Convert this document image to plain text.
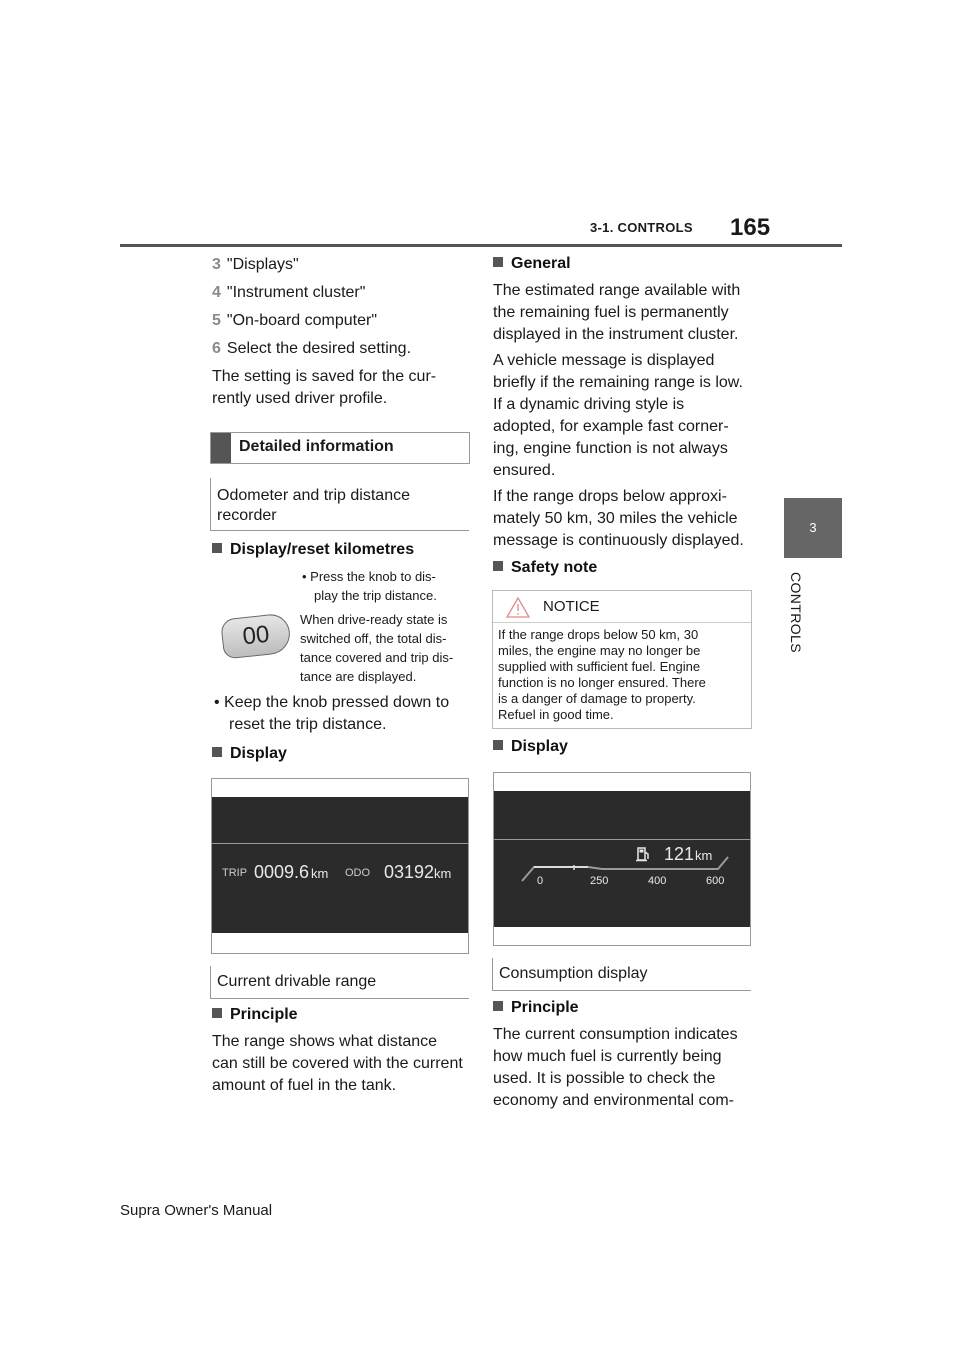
3-1. CONTROLS 165
3
CONTROLS
3 "Displays"
4 "Instrument cluster"
5 "On-board computer"
6 Select the desired setting.
The setting is saved for the cur-
rently used driver profile.
Detailed information
Odometer and trip distance
recorder
Display/reset kilometres
00
• Press the knob to dis-
play the trip distance.
When drive-ready state is
switched off, the total dis-
tance covered and trip dis-
tance are displayed.
• Keep the knob pressed down to
reset the trip distance.
Display
TRIP 0009.6 km ODO 03192 km
Current drivable range
Principle
The range shows what distance
can still be covered with the current
amount of fuel in the tank.
General
The estimated range available with
the remaining fuel is permanently
displayed in the instrument cluster.
A vehicle message is displayed
briefly if the remaining range is low.
If a dynamic driving style is
adopted, for example fast corner-
ing, engine function is not always
ensured.
If the range drops below approxi-
mately 50 km, 30 miles the vehicle
message is continuously displayed.
Safety note
NOTICE
If the range drops below 50 km, 30
miles, the engine may no longer be
supplied with sufficient fuel. Engine
function is no longer ensured. There
is a danger of damage to property.
Refuel in good time.
Display
121 km
0	250	400	600
Consumption display
Principle
The current consumption indicates
how much fuel is currently being
used. It is possible to check the
economy and environmental com-
Supra Owner's Manual
